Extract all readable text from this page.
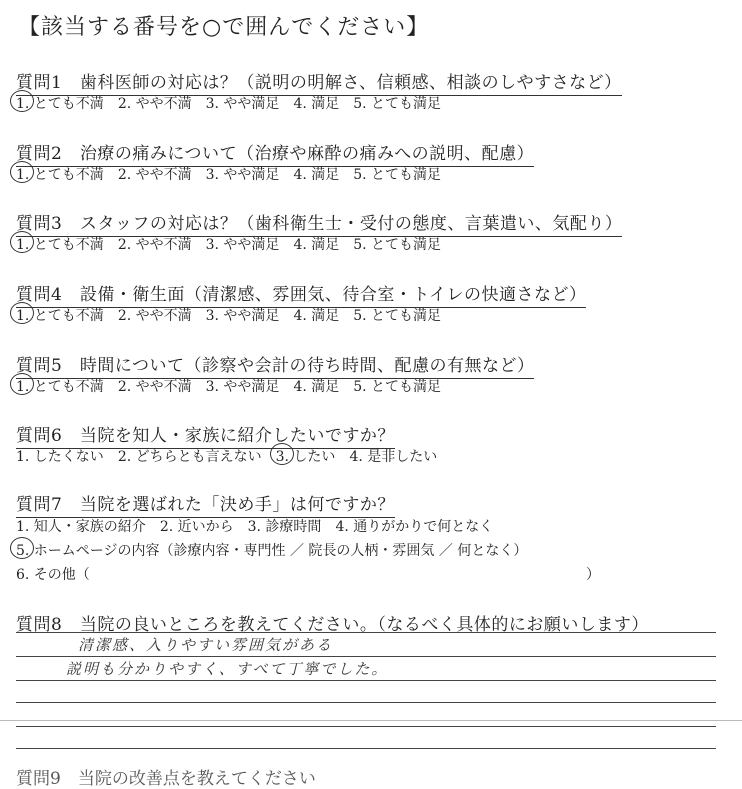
【該当する番号を○で囲んでください】
質問1　歯科医師の対応は？（説明の明解さ、信頼感、相談のしやすさなど）
1. とても不満 2. やや不満 3. やや満足 4. 満足 5. とても満足
質問2　治療の痛みについて（治療や麻酔の痛みへの説明、配慮）
1. とても不満 2. やや不満 3. やや満足 4. 満足 5. とても満足
質問3　スタッフの対応は？（歯科衛生士・受付の態度、言葉遣い、気配り）
1. とても不満 2. やや不満 3. やや満足 4. 満足 5. とても満足
質問4　設備・衛生面（清潔感、雰囲気、待合室・トイレの快適さなど）
1. とても不満 2. やや不満 3. やや満足 4. 満足 5. とても満足
質問5　時間について（診察や会計の待ち時間、配慮の有無など）
1. とても不満 2. やや不満 3. やや満足 4. 満足 5. とても満足
質問6　当院を知人・家族に紹介したいですか？
1. したくない 2. どちらとも言えない 3. したい 4. 是非したい
質問7　当院を選ばれた「決め手」は何ですか？
1. 知人・家族の紹介 2. 近いから 3. 診療時間 4. 通りがかりで何となく
5. ホームページの内容（診療内容・専門性 ／ 院長の人柄・雰囲気 ／ 何となく）
6. その他（	）
質問8　当院の良いところを教えてください。（なるべく具体的にお願いします）
清潔感、入りやすい雰囲気がある
説明も分かりやすく、すべて丁寧でした。
質問9　当院の改善点を教えてください
